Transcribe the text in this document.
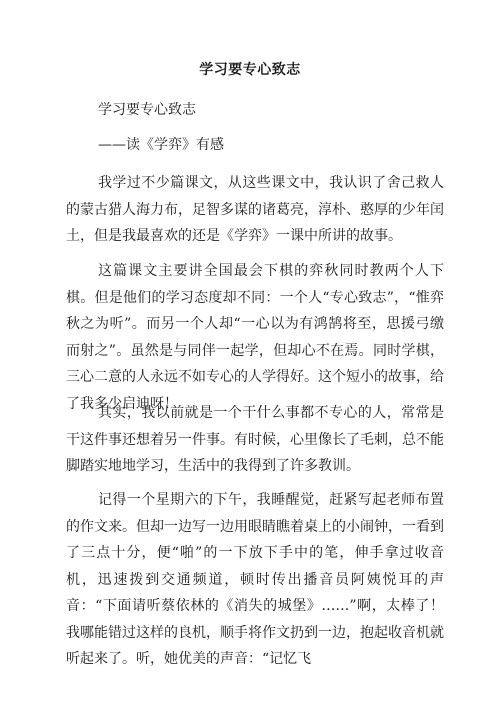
学习要专心致志
学习要专心致志
——读《学弈》有感

我学过不少篇课文，从这些课文中，我认识了舍己救人的蒙古猎人海力布，足智多谋的诸葛亮，淳朴、憨厚的少年闰土，但是我最喜欢的还是《学弈》一课中所讲的故事。

这篇课文主要讲全国最会下棋的弈秋同时教两个人下棋。但是他们的学习态度却不同：一个人“专心致志”，“惟弈秋之为听”。而另一个人却“一心以为有鸿鹄将至，思援弓缴而射之”。虽然是与同伴一起学，但却心不在焉。同时学棋，三心二意的人永远不如专心的人学得好。这个短小的故事，给了我多少启迪呀！

其实，我以前就是一个干什么事都不专心的人，常常是干这件事还想着另一件事。有时候，心里像长了毛刺，总不能脚踏实地地学习，生活中的我得到了许多教训。

记得一个星期六的下午，我睡醒觉，赶紧写起老师布置的作文来。但却一边写一边用眼睛瞧着桌上的小闹钟，一看到了三点十分，便“啪”的一下放下手中的笔，伸手拿过收音机，迅速拨到交通频道，顿时传出播音员阿姨悦耳的声音：“下面请听蔡依林的《消失的城堡》……”啊，太棒了！我哪能错过这样的良机，顺手将作文扔到一边，抱起收音机就听起来了。听，她优美的声音：“记忆飞
